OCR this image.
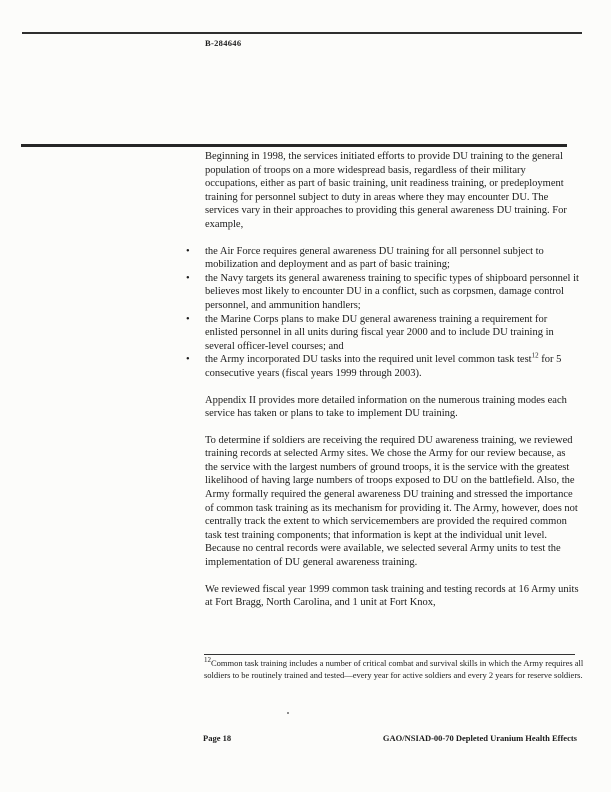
B-284646

Beginning in 1998, the services initiated efforts to provide DU training to the general population of troops on a more widespread basis, regardless of their military occupations, either as part of basic training, unit readiness training, or predeployment training for personnel subject to duty in areas where they may encounter DU. The services vary in their approaches to providing this general awareness DU training. For example,

• the Air Force requires general awareness DU training for all personnel subject to mobilization and deployment and as part of basic training;
• the Navy targets its general awareness training to specific types of shipboard personnel it believes most likely to encounter DU in a conflict, such as corpsmen, damage control personnel, and ammunition handlers;
• the Marine Corps plans to make DU general awareness training a requirement for enlisted personnel in all units during fiscal year 2000 and to include DU training in several officer-level courses; and
• the Army incorporated DU tasks into the required unit level common task test$^{12}$ for 5 consecutive years (fiscal years 1999 through 2003).

Appendix II provides more detailed information on the numerous training modes each service has taken or plans to take to implement DU training.

To determine if soldiers are receiving the required DU awareness training, we reviewed training records at selected Army sites. We chose the Army for our review because, as the service with the largest numbers of ground troops, it is the service with the greatest likelihood of having large numbers of troops exposed to DU on the battlefield. Also, the Army formally required the general awareness DU training and stressed the importance of common task training as its mechanism for providing it. The Army, however, does not centrally track the extent to which servicemembers are provided the required common task test training components; that information is kept at the individual unit level. Because no central records were available, we selected several Army units to test the implementation of DU general awareness training.

We reviewed fiscal year 1999 common task training and testing records at 16 Army units at Fort Bragg, North Carolina, and 1 unit at Fort Knox,

$^{12}$Common task training includes a number of critical combat and survival skills in which the Army requires all soldiers to be routinely trained and tested—every year for active soldiers and every 2 years for reserve soldiers.
Page 18	GAO/NSIAD-00-70 Depleted Uranium Health Effects
